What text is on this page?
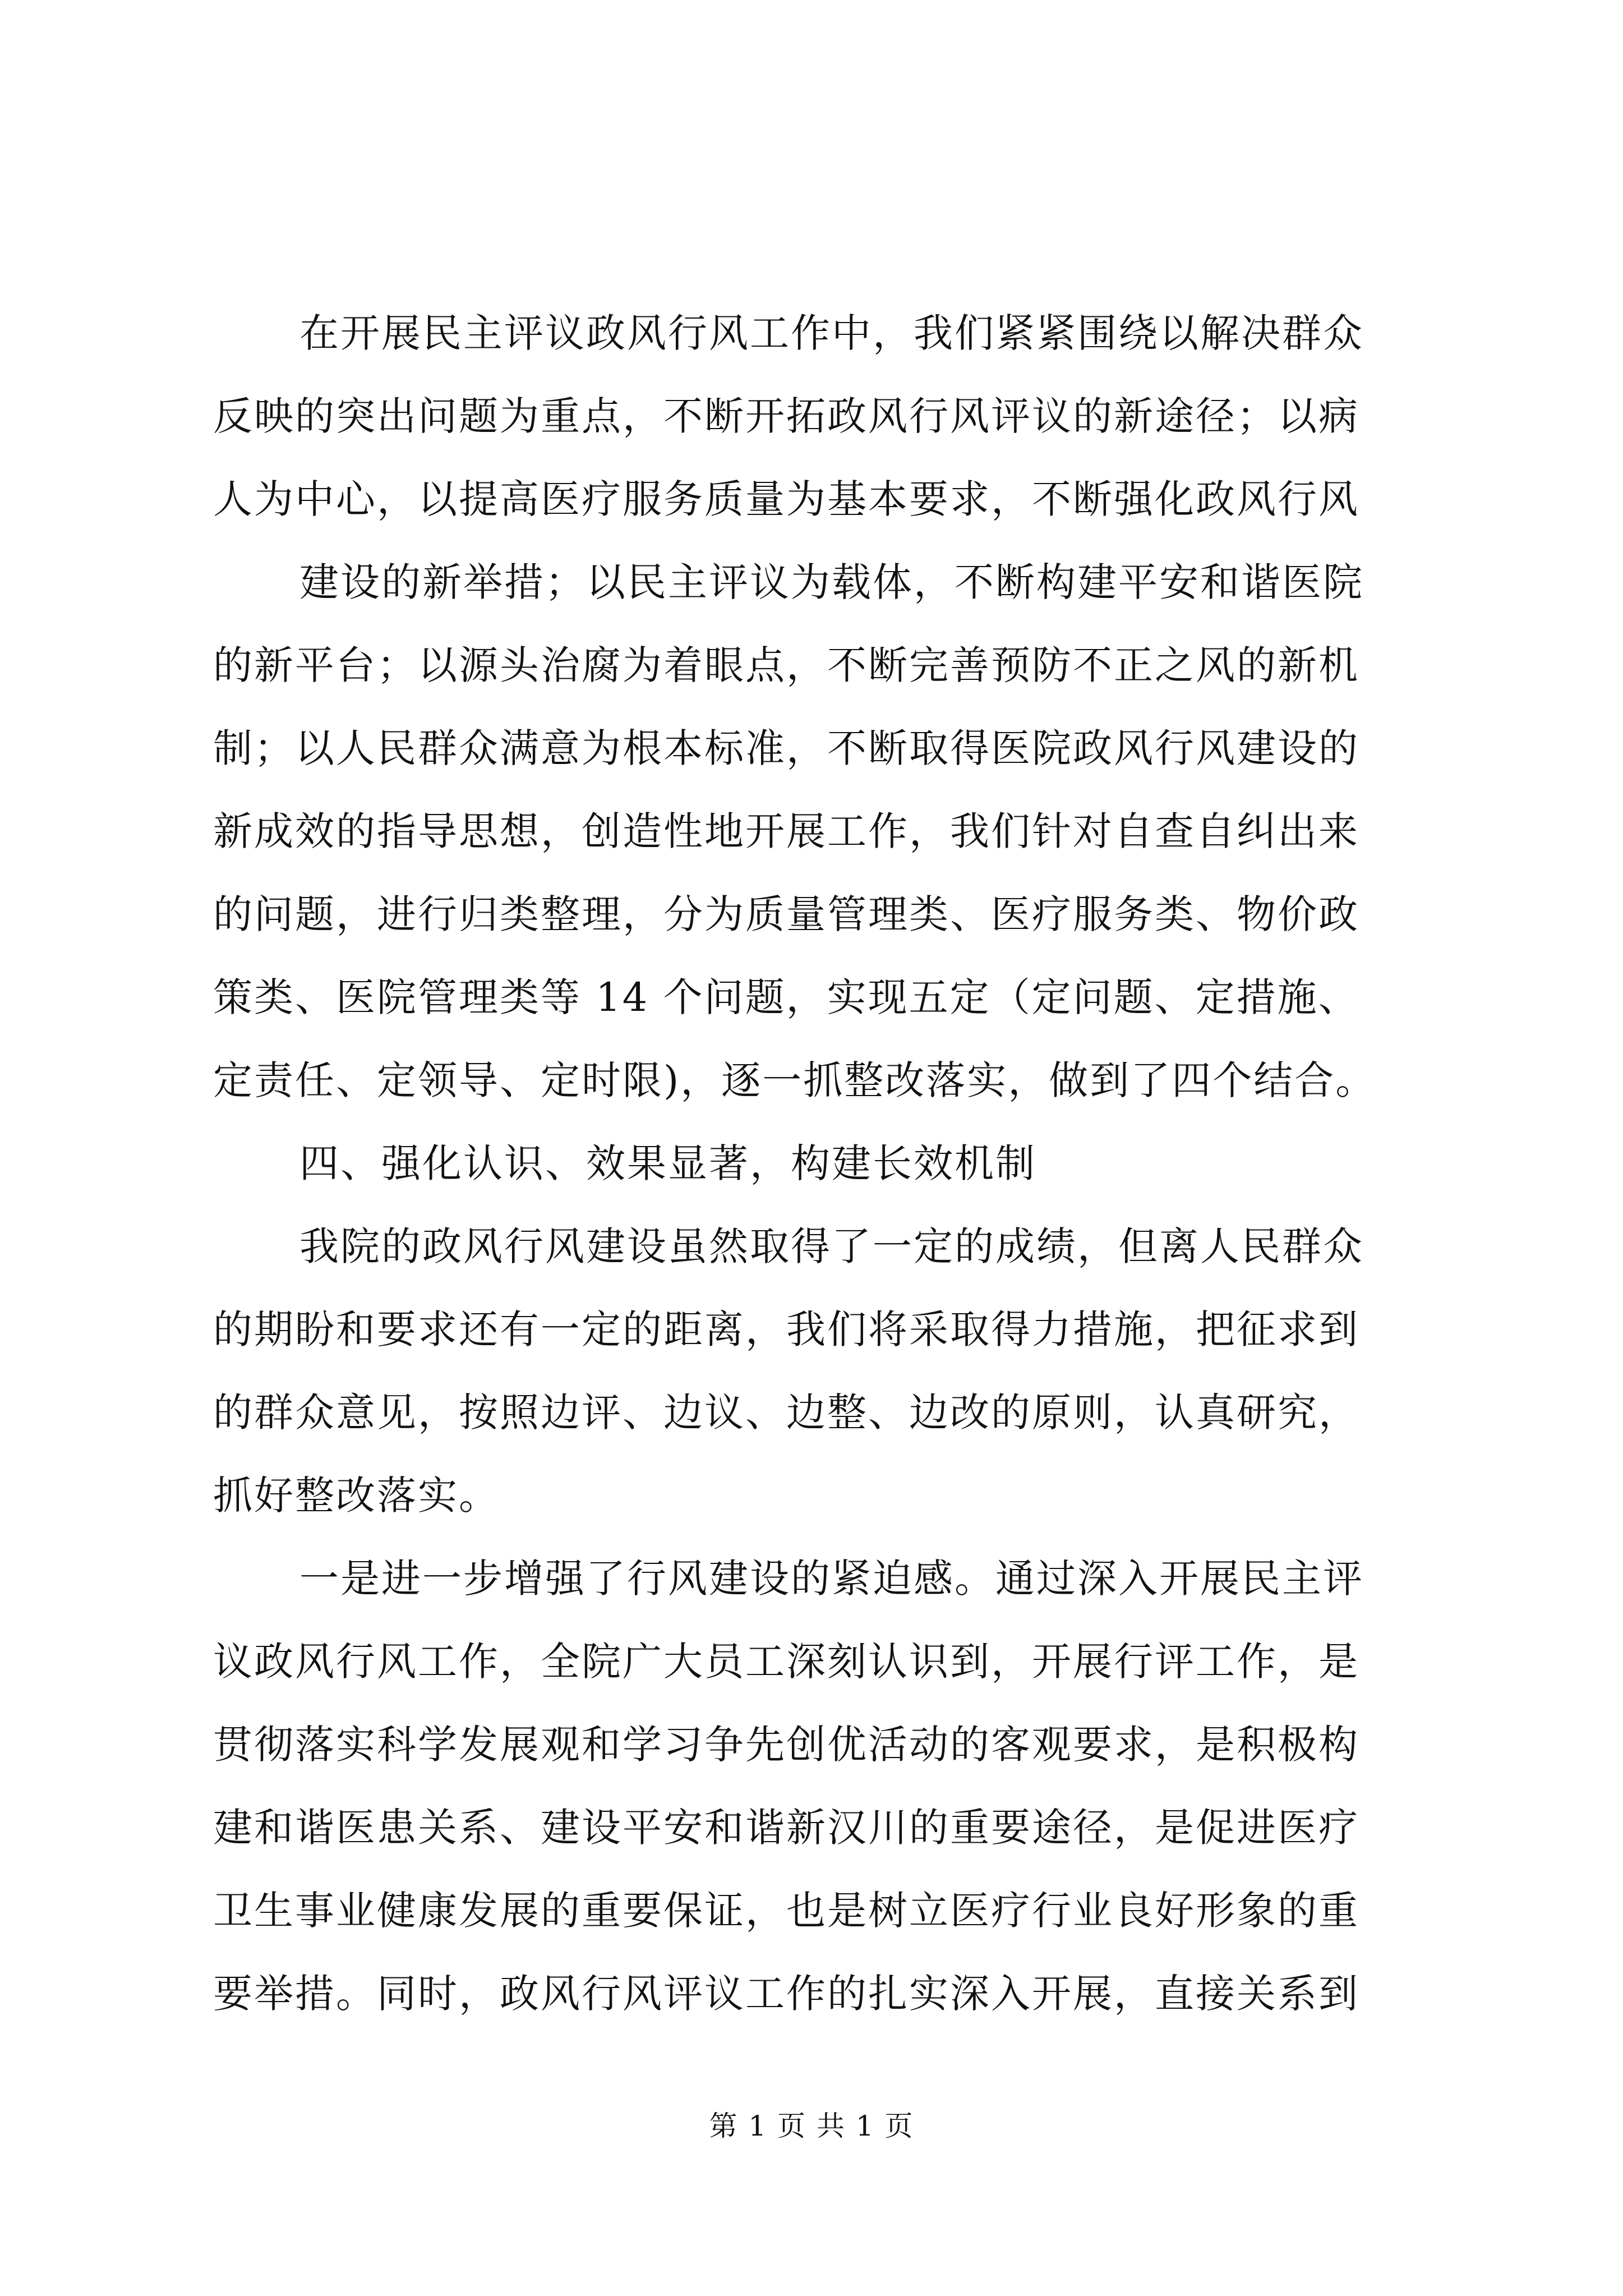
在开展民主评议政风行风工作中，我们紧紧围绕以解决群众
反映的突出问题为重点，不断开拓政风行风评议的新途径；以病
人为中心，以提高医疗服务质量为基本要求，不断强化政风行风
建设的新举措；以民主评议为载体，不断构建平安和谐医院
的新平台；以源头治腐为着眼点，不断完善预防不正之风的新机
制；以人民群众满意为根本标准，不断取得医院政风行风建设的
新成效的指导思想，创造性地开展工作，我们针对自查自纠出来
的问题，进行归类整理，分为质量管理类、医疗服务类、物价政
策类、医院管理类等 14 个问题，实现五定（定问题、定措施、
定责任、定领导、定时限)，逐一抓整改落实，做到了四个结合。
四、强化认识、效果显著，构建长效机制
我院的政风行风建设虽然取得了一定的成绩，但离人民群众
的期盼和要求还有一定的距离，我们将采取得力措施，把征求到
的群众意见，按照边评、边议、边整、边改的原则，认真研究，
抓好整改落实。
一是进一步增强了行风建设的紧迫感。通过深入开展民主评
议政风行风工作，全院广大员工深刻认识到，开展行评工作，是
贯彻落实科学发展观和学习争先创优活动的客观要求，是积极构
建和谐医患关系、建设平安和谐新汉川的重要途径，是促进医疗
卫生事业健康发展的重要保证，也是树立医疗行业良好形象的重
要举措。同时，政风行风评议工作的扎实深入开展，直接关系到
第 1 页 共 1 页
